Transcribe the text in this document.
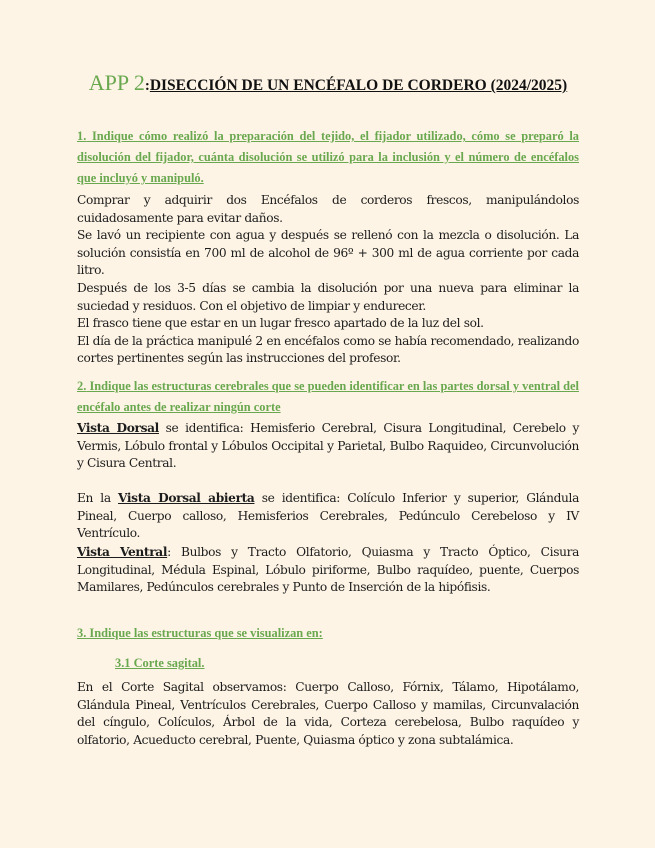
APP 2:DISECCIÓN DE UN ENCÉFALO DE CORDERO (2024/2025)
1. Indique cómo realizó la preparación del tejido, el fijador utilizado, cómo se preparó la disolución del fijador, cuánta disolución se utilizó para la inclusión y el número de encéfalos que incluyó y manipuló.
Comprar y adquirir dos Encéfalos de corderos frescos, manipulándolos cuidadosamente para evitar daños.
Se lavó un recipiente con agua y después se rellenó con la mezcla o disolución. La solución consistía en 700 ml de alcohol de 96º + 300 ml de agua corriente por cada litro.
Después de los 3-5 días se cambia la disolución por una nueva para eliminar la suciedad y residuos. Con el objetivo de limpiar y endurecer.
El frasco tiene que estar en un lugar fresco apartado de la luz del sol.
El día de la práctica manipulé 2 en encéfalos como se había recomendado, realizando cortes pertinentes según las instrucciones del profesor.
2. Indique las estructuras cerebrales que se pueden identificar en las partes dorsal y ventral del encéfalo antes de realizar ningún corte
Vista Dorsal se identifica: Hemisferio Cerebral, Cisura Longitudinal, Cerebelo y Vermis, Lóbulo frontal y Lóbulos Occipital y Parietal, Bulbo Raquideo, Circunvolución y Cisura Central.
En la Vista Dorsal abierta se identifica: Colículo Inferior y superior, Glándula Pineal, Cuerpo calloso, Hemisferios Cerebrales, Pedúnculo Cerebeloso y IV Ventrículo.
Vista Ventral: Bulbos y Tracto Olfatorio, Quiasma y Tracto Óptico, Cisura Longitudinal, Médula Espinal, Lóbulo piriforme, Bulbo raquídeo, puente, Cuerpos Mamilares, Pedúnculos cerebrales y Punto de Inserción de la hipófisis.
3. Indique las estructuras que se visualizan en:
3.1 Corte sagital.
En el Corte Sagital observamos: Cuerpo Calloso, Fórnix, Tálamo, Hipotálamo, Glándula Pineal, Ventrículos Cerebrales, Cuerpo Calloso y mamilas, Circunvalación del cíngulo, Colículos, Árbol de la vida, Corteza cerebelosa, Bulbo raquídeo y olfatorio, Acueducto cerebral, Puente, Quiasma óptico y zona subtalámica.
